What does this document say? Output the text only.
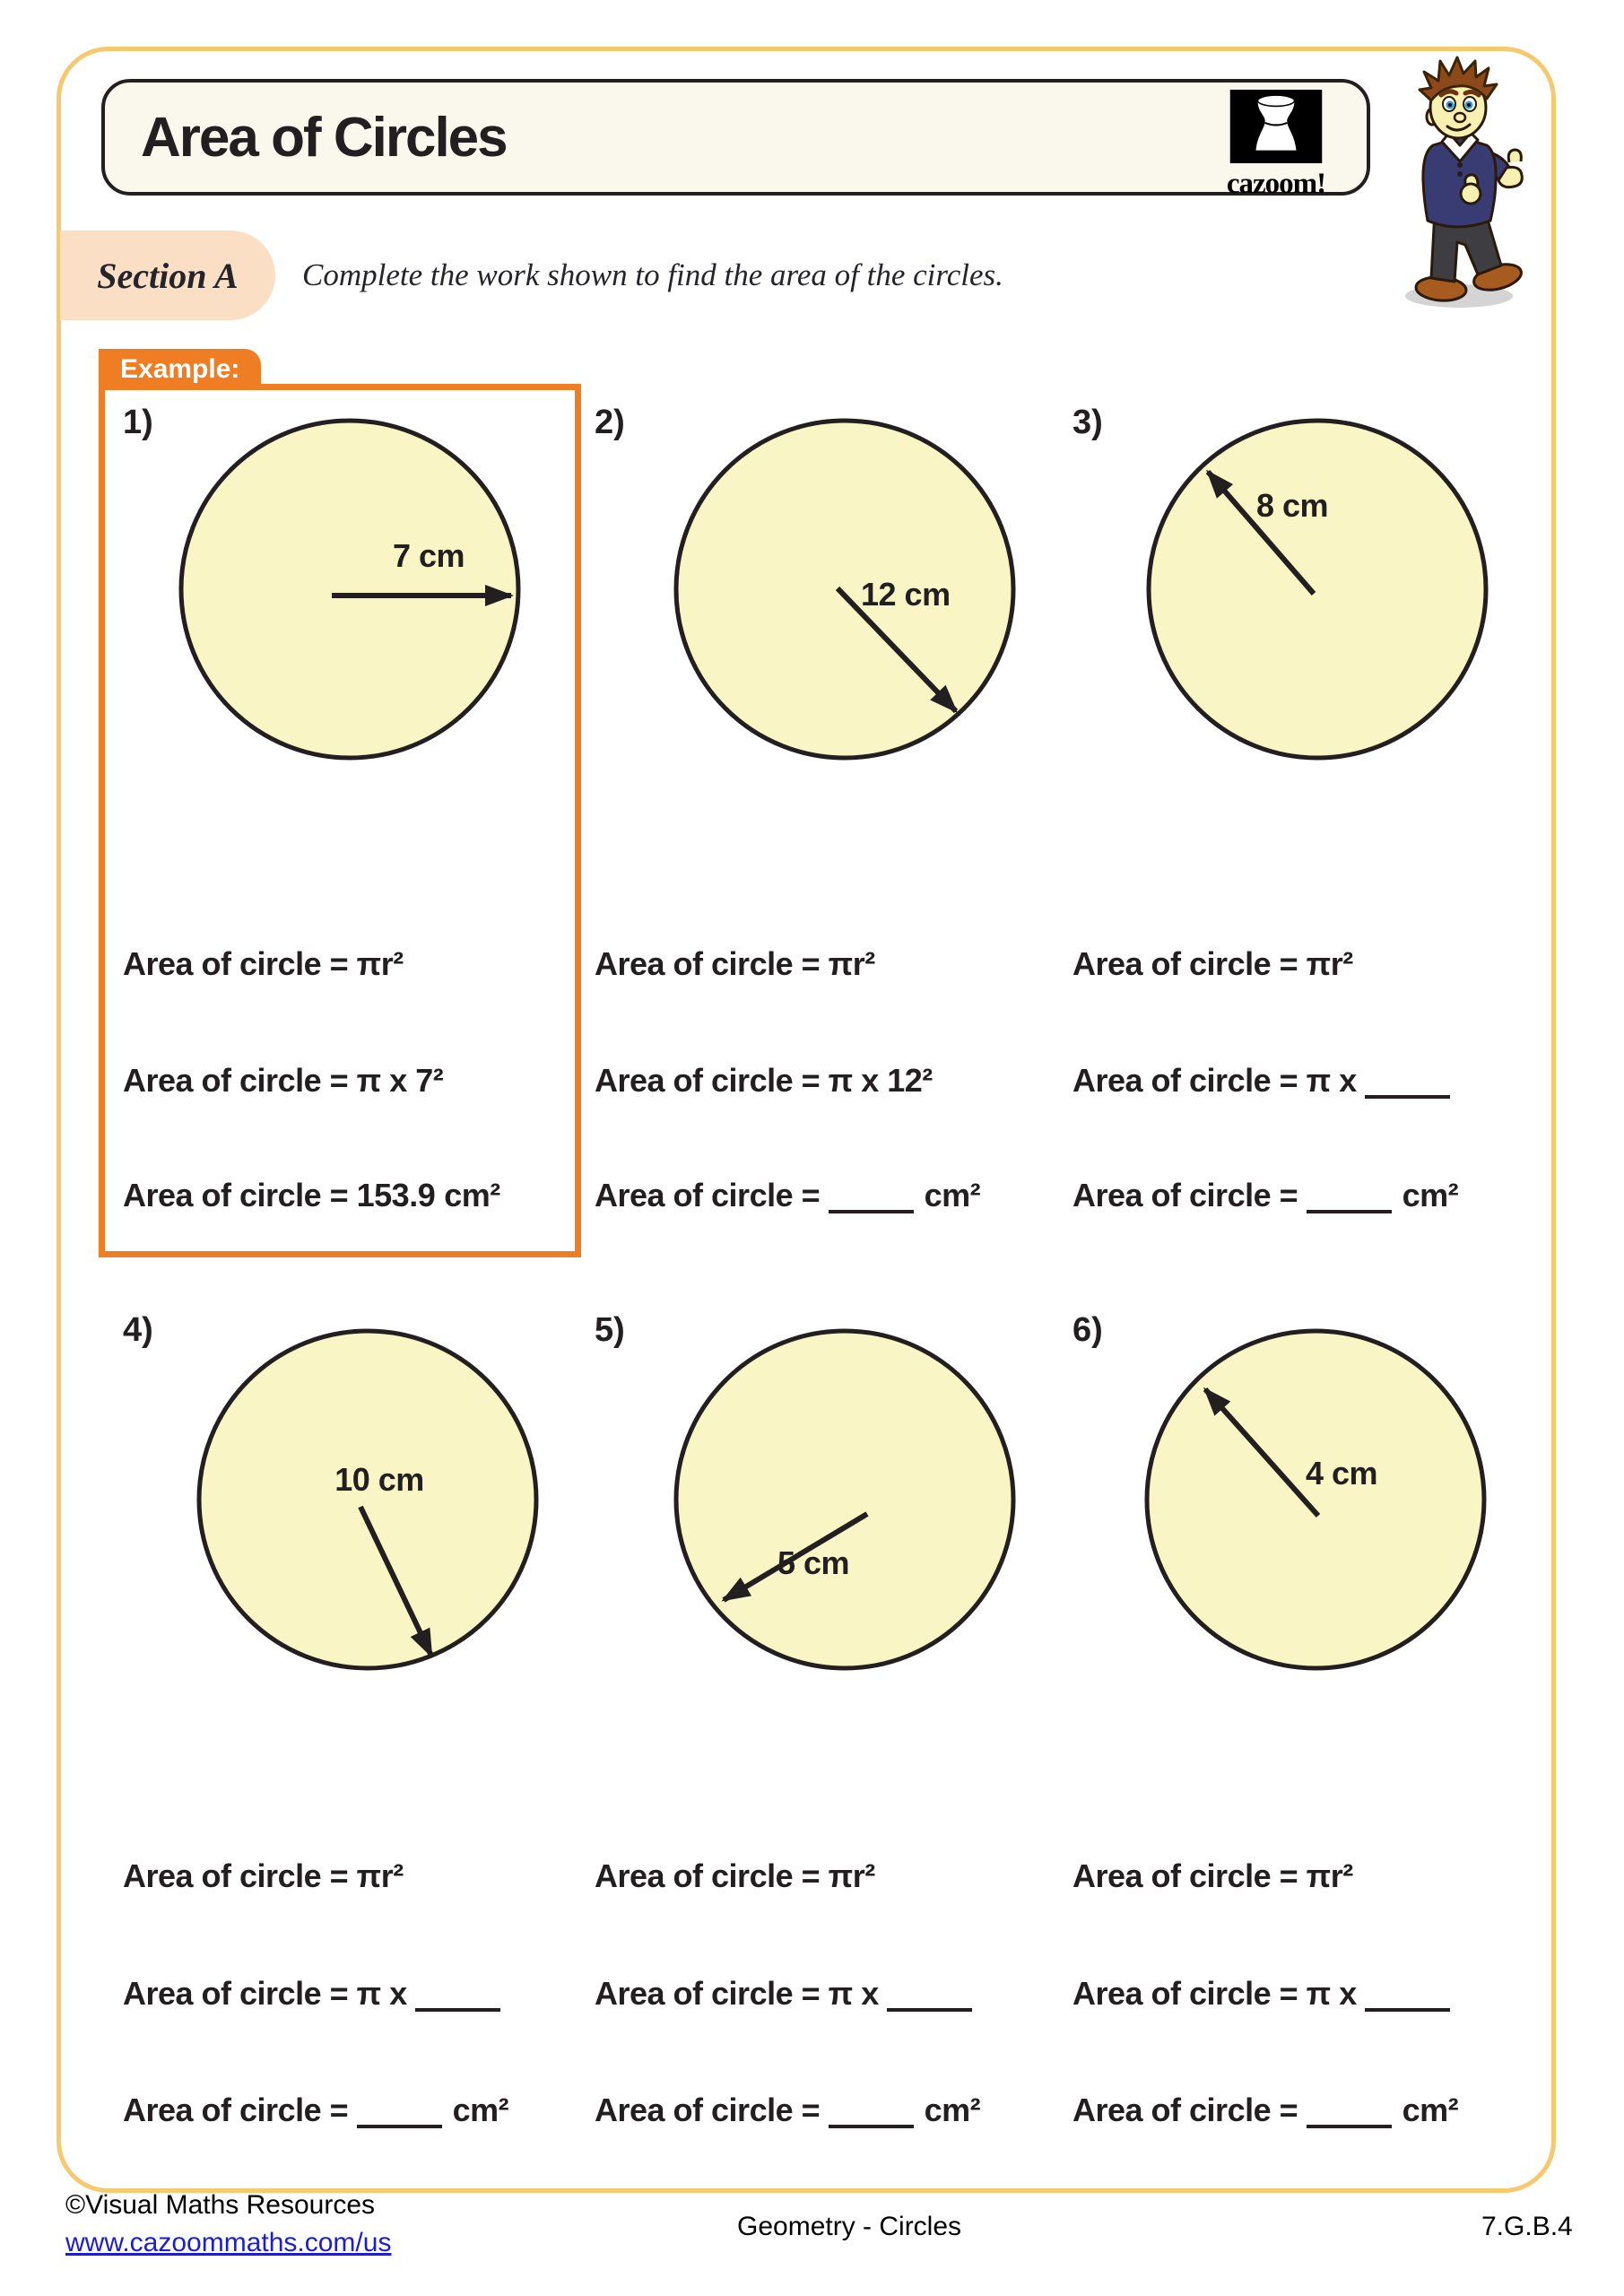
Area of Circles
cazoom!
Section A Complete the work shown to find the area of the circles.
Example:
1)	2)	3)
4)	5)	6)
7 cm
12 cm
8 cm
10 cm
5 cm
4 cm
Area of circle = πr²	Area of circle = πr²	Area of circle = πr²
Area of circle = π x 7²	Area of circle = π x 12²	Area of circle = π x
Area of circle = 153.9 cm²	Area of circle =	cm²	Area of circle =	cm²
Area of circle = πr²	Area of circle = πr²	Area of circle = πr²
Area of circle = π x	Area of circle = π x	Area of circle = π x
Area of circle =	cm²	Area of circle =	cm²	Area of circle =	cm²
©Visual Maths Resources
www.cazoommaths.com/us
Geometry - Circles	7.G.B.4
